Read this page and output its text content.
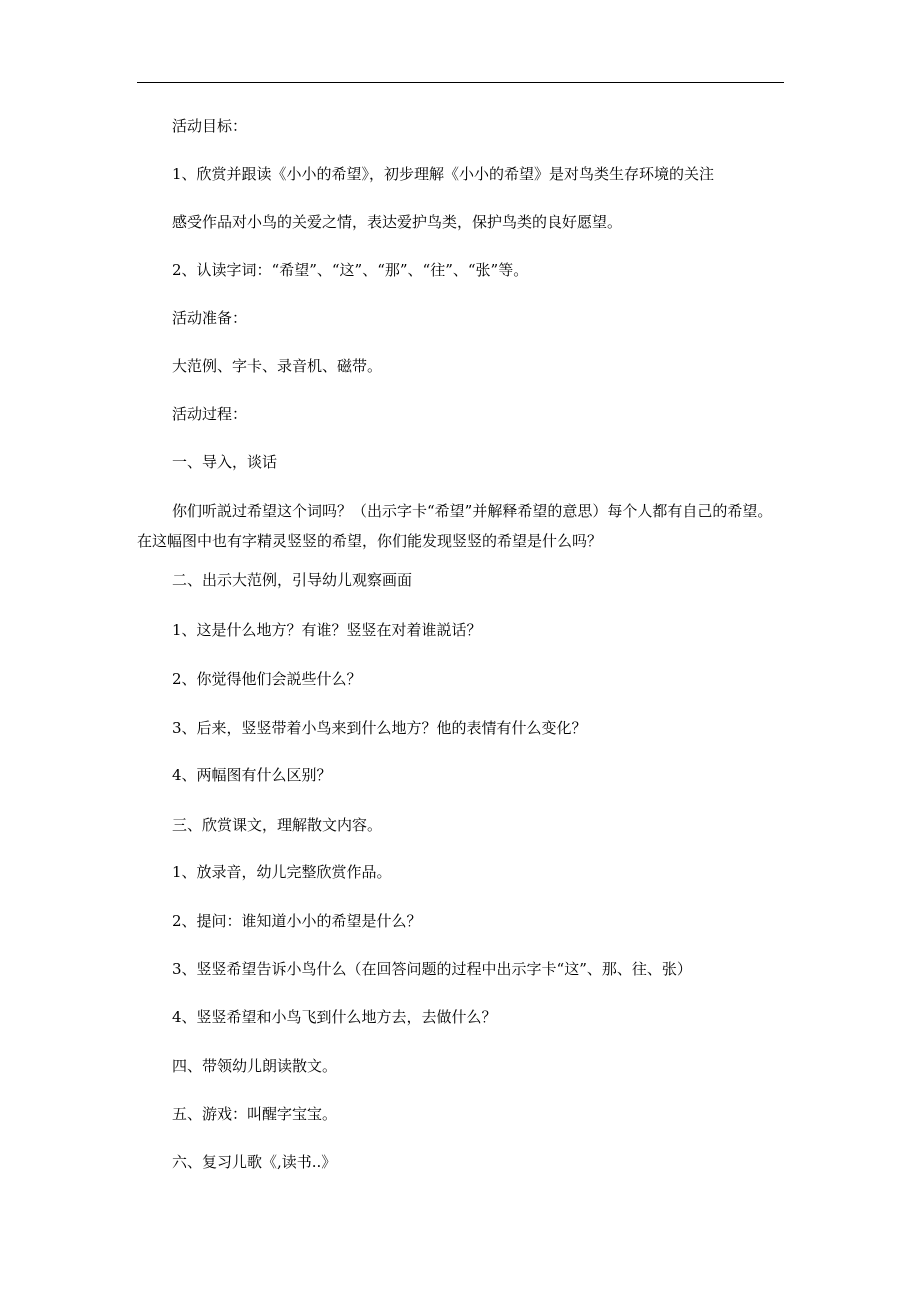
活动目标：
1、欣赏并跟读《小小的希望》，初步理解《小小的希望》是对鸟类生存环境的关注
感受作品对小鸟的关爱之情，表达爱护鸟类，保护鸟类的良好愿望。
2、认读字词：“希望”、“这”、“那”、“往”、“张”等。
活动准备：
大范例、字卡、录音机、磁带。
活动过程：
一、导入，谈话
你们听説过希望这个词吗？（出示字卡“希望”并解释希望的意思）每个人都有自己的希望。在这幅图中也有字精灵竖竖的希望，你们能发现竖竖的希望是什么吗？
二、出示大范例，引导幼儿观察画面
1、这是什么地方？有谁？竖竖在对着谁説话？
2、你觉得他们会説些什么？
3、后来，竖竖带着小鸟来到什么地方？他的表情有什么变化？
4、两幅图有什么区别？
三、欣赏课文，理解散文内容。
1、放录音，幼儿完整欣赏作品。
2、提问：谁知道小小的希望是什么？
3、竖竖希望告诉小鸟什么（在回答问题的过程中出示字卡“这”、那、往、张）
4、竖竖希望和小鸟飞到什么地方去，去做什么？
四、带领幼儿朗读散文。
五、游戏：叫醒字宝宝。
六、复习儿歌《,读书..》
